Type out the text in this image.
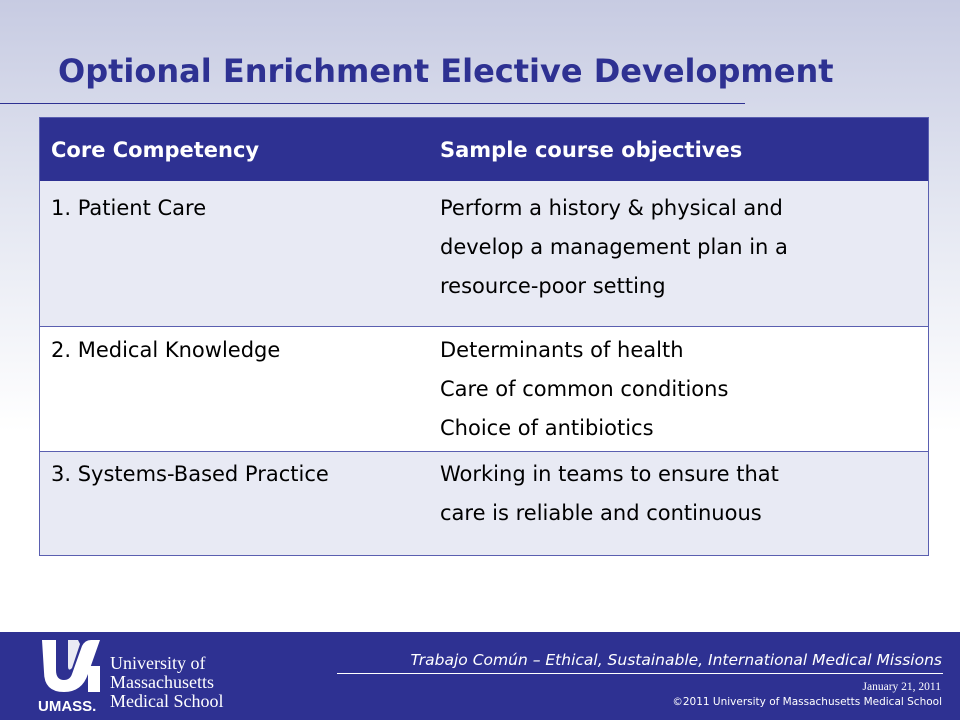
Optional Enrichment Elective Development
Core Competency	Sample course objectives
1. Patient Care	Perform a history & physical and
develop a management plan in a
resource-poor setting
2. Medical Knowledge	Determinants of health
Care of common conditions
Choice of antibiotics
3. Systems-Based Practice	Working in teams to ensure that
care is reliable and continuous
UMASS.
University of
Massachusetts
Medical School
Trabajo Común – Ethical, Sustainable, International Medical Missions
January 21, 2011
©2011 University of Massachusetts Medical School
